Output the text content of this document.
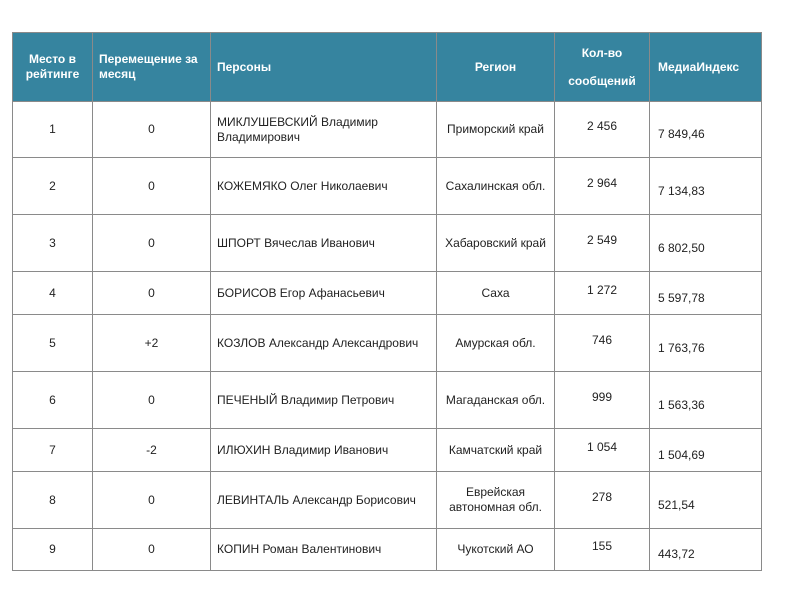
Место в рейтинге	Перемещение за месяц	Персоны	Регион	Кол-во сообщений	МедиаИндекс
1	0	МИКЛУШЕВСКИЙ Владимир Владимирович	Приморский край	2 456	7 849,46
2	0	КОЖЕМЯКО Олег Николаевич	Сахалинская обл.	2 964	7 134,83
3	0	ШПОРТ Вячеслав Иванович	Хабаровский край	2 549	6 802,50
4	0	БОРИСОВ Егор Афанасьевич	Саха	1 272	5 597,78
5	+2	КОЗЛОВ Александр Александрович	Амурская обл.	746	1 763,76
6	0	ПЕЧЕНЫЙ Владимир Петрович	Магаданская обл.	999	1 563,36
7	-2	ИЛЮХИН Владимир Иванович	Камчатский край	1 054	1 504,69
8	0	ЛЕВИНТАЛЬ Александр Борисович	Еврейская автономная обл.	278	521,54
9	0	КОПИН Роман Валентинович	Чукотский АО	155	443,72
